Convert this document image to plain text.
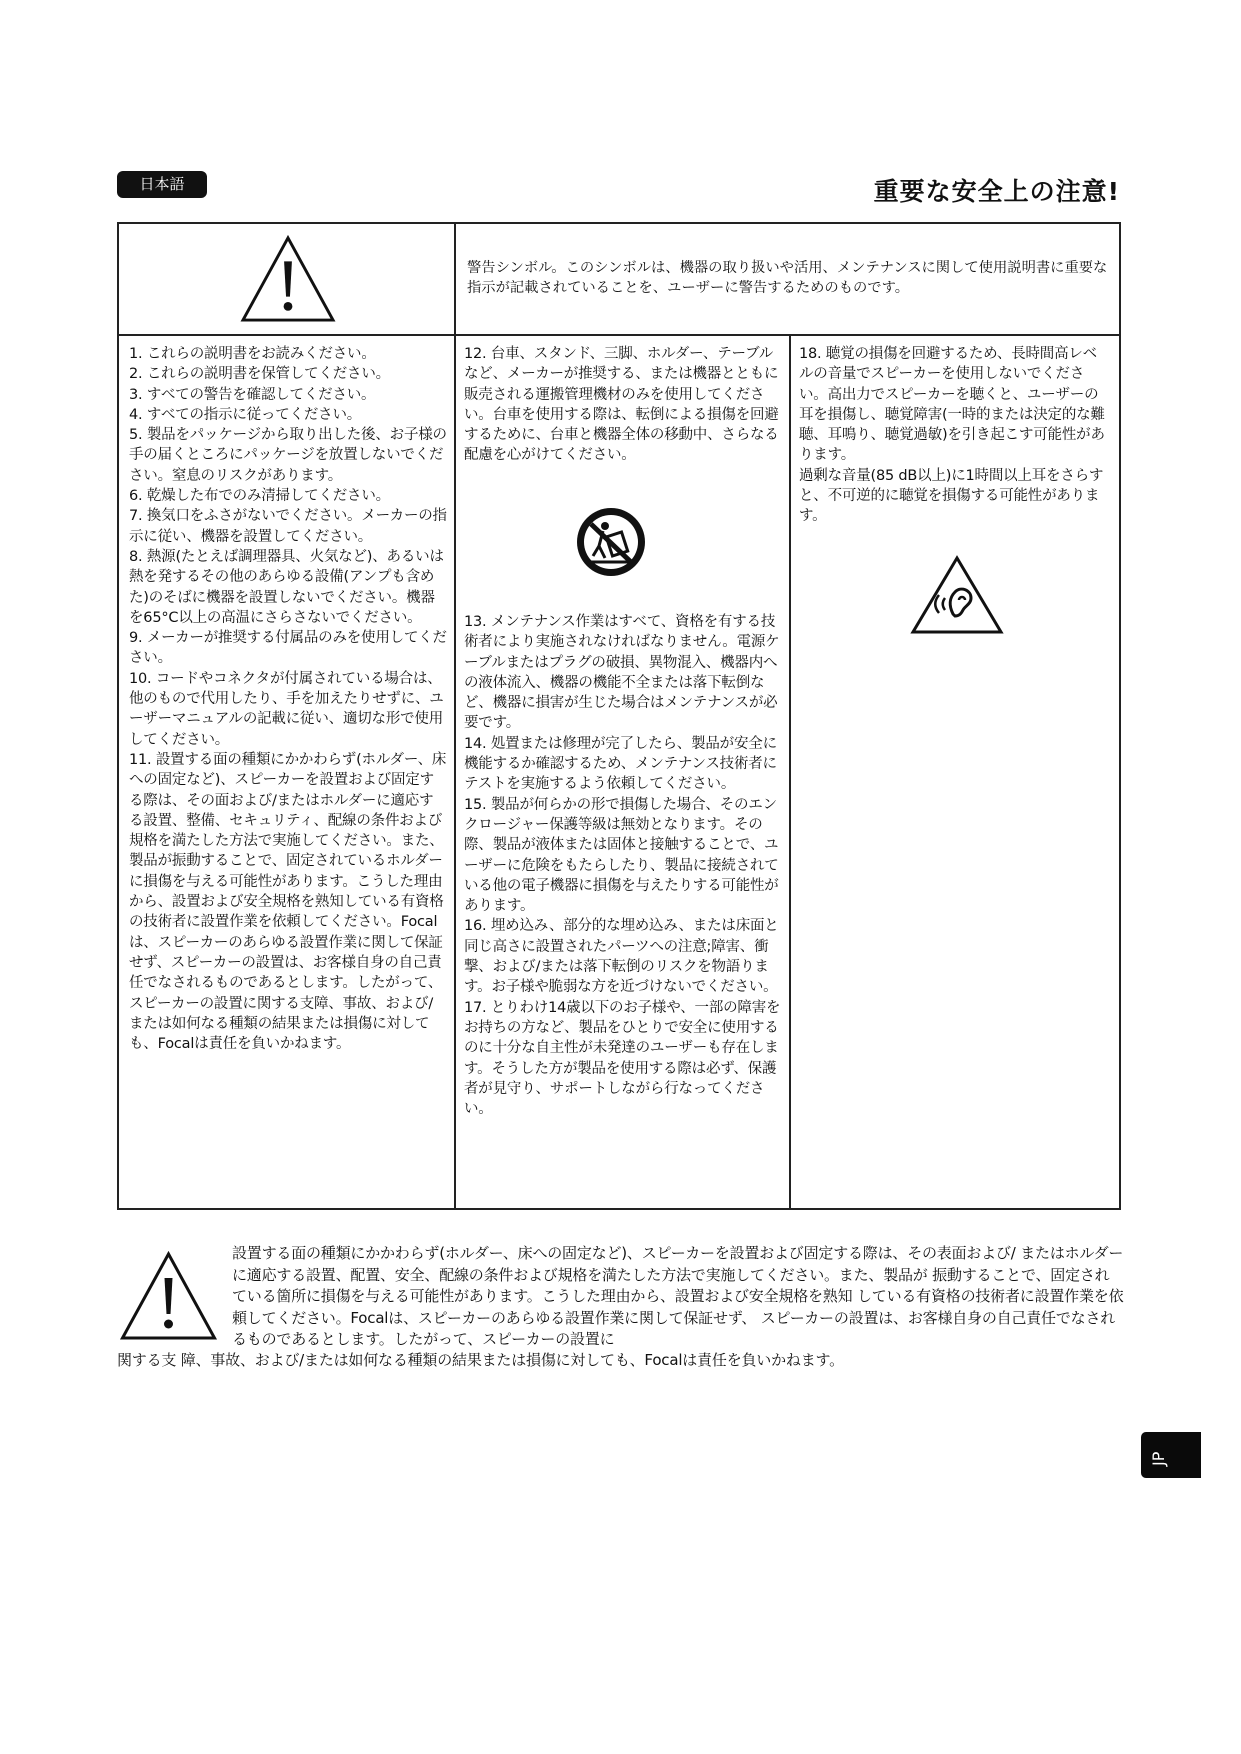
日本語	重要な安全上の注意!
警告シンボル。このシンボルは、機器の取り扱いや活用、メンテナンスに関して使用説明書に重要な指示が記載されていることを、ユーザーに警告するためのものです。

1. これらの説明書をお読みください。

2. これらの説明書を保管してください。

3. すべての警告を確認してください。

4. すべての指示に従ってください。

5. 製品をパッケージから取り出した後、お子様の手の届くところにパッケージを放置しないでください。窒息のリスクがあります。

6. 乾燥した布でのみ清掃してください。

7. 換気口をふさがないでください。メーカーの指示に従い、機器を設置してください。

8. 熱源(たとえば調理器具、火気など)、あるいは熱を発するその他のあらゆる設備(アンプも含めた)のそばに機器を設置しないでください。機器を65°C以上の高温にさらさないでください。

9. メーカーが推奨する付属品のみを使用してください。

10. コードやコネクタが付属されている場合は、他のもので代用したり、手を加えたりせずに、ユーザーマニュアルの記載に従い、適切な形で使用してください。

11. 設置する面の種類にかかわらず(ホルダー、床への固定など)、スピーカーを設置および固定する際は、その面および/またはホルダーに適応する設置、整備、セキュリティ、配線の条件および規格を満たした方法で実施してください。また、製品が振動することで、固定されているホルダーに損傷を与える可能性があります。こうした理由から、設置および安全規格を熟知している有資格の技術者に設置作業を依頼してください。Focalは、スピーカーのあらゆる設置作業に関して保証せず、スピーカーの設置は、お客様自身の自己責任でなされるものであるとします。したがって、スピーカーの設置に関する支障、事故、および/または如何なる種類の結果または損傷に対しても、Focalは責任を負いかねます。

12. 台車、スタンド、三脚、ホルダー、テーブルなど、メーカーが推奨する、または機器とともに販売される運搬管理機材のみを使用してください。台車を使用する際は、転倒による損傷を回避するために、台車と機器全体の移動中、さらなる配慮を心がけてください。

13. メンテナンス作業はすべて、資格を有する技術者により実施されなければなりません。電源ケーブルまたはプラグの破損、異物混入、機器内への液体流入、機器の機能不全または落下転倒など、機器に損害が生じた場合はメンテナンスが必要です。

14. 処置または修理が完了したら、製品が安全に機能するか確認するため、メンテナンス技術者にテストを実施するよう依頼してください。

15. 製品が何らかの形で損傷した場合、そのエンクロージャー保護等級は無効となります。その際、製品が液体または固体と接触することで、ユーザーに危険をもたらしたり、製品に接続されている他の電子機器に損傷を与えたりする可能性があります。

16. 埋め込み、部分的な埋め込み、または床面と同じ高さに設置されたパーツへの注意;障害、衝撃、および/または落下転倒のリスクを物語ります。お子様や脆弱な方を近づけないでください。

17. とりわけ14歳以下のお子様や、一部の障害をお持ちの方など、製品をひとりで安全に使用するのに十分な自主性が未発達のユーザーも存在します。そうした方が製品を使用する際は必ず、保護者が見守り、サポートしながら行なってください。

18. 聴覚の損傷を回避するため、長時間高レベルの音量でスピーカーを使用しないでください。高出力でスピーカーを聴くと、ユーザーの耳を損傷し、聴覚障害(一時的または決定的な難聴、耳鳴り、聴覚過敏)を引き起こす可能性があります。

過剰な音量(85 dB以上)に1時間以上耳をさらすと、不可逆的に聴覚を損傷する可能性があります。

設置する面の種類にかかわらず(ホルダー、床への固定など)、スピーカーを設置および固定する際は、その表面および/ またはホルダーに適応する設置、配置、安全、配線の条件および規格を満たした方法で実施してください。また、製品が 振動することで、固定されている箇所に損傷を与える可能性があります。こうした理由から、設置および安全規格を熟知 している有資格の技術者に設置作業を依頼してください。Focalは、スピーカーのあらゆる設置作業に関して保証せず、 スピーカーの設置は、お客様自身の自己責任でなされるものであるとします。したがって、スピーカーの設置に
関する支 障、事故、および/または如何なる種類の結果または損傷に対しても、Focalは責任を負いかねます。
JP
